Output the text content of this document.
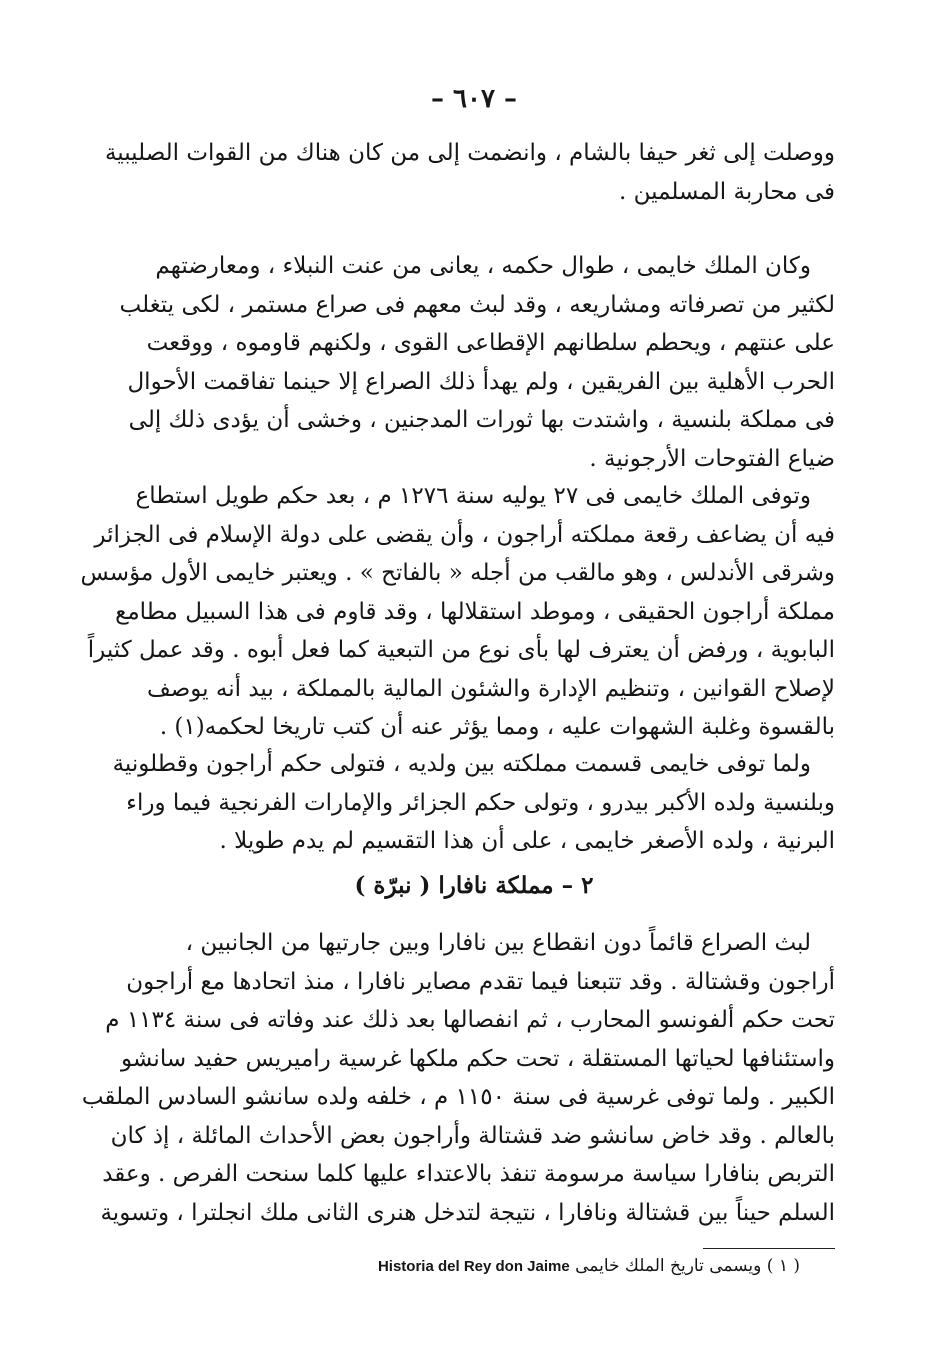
– ٦٠٧ –
ووصلت إلى ثغر حيفا بالشام ، وانضمت إلى من كان هناك من القوات الصليبية
فى محاربة المسلمين .
وكان الملك خايمى ، طوال حكمه ، يعانى من عنت النبلاء ، ومعارضتهم
لكثير من تصرفاته ومشاريعه ، وقد لبث معهم فى صراع مستمر ، لكى يتغلب
على عنتهم ، ويحطم سلطانهم الإقطاعى القوى ، ولكنهم قاوموه ، ووقعت
الحرب الأهلية بين الفريقين ، ولم يهدأ ذلك الصراع إلا حينما تفاقمت الأحوال
فى مملكة بلنسية ، واشتدت بها ثورات المدجنين ، وخشى أن يؤدى ذلك إلى
ضياع الفتوحات الأرجونية .
وتوفى الملك خايمى فى ٢٧ يوليه سنة ١٢٧٦ م ، بعد حكم طويل استطاع
فيه أن يضاعف رقعة مملكته أراجون ، وأن يقضى على دولة الإسلام فى الجزائر
وشرقى الأندلس ، وهو مالقب من أجله « بالفاتح » . ويعتبر خايمى الأول مؤسس
مملكة أراجون الحقيقى ، وموطد استقلالها ، وقد قاوم فى هذا السبيل مطامع
البابوية ، ورفض أن يعترف لها بأى نوع من التبعية كما فعل أبوه . وقد عمل كثيراً
لإصلاح القوانين ، وتنظيم الإدارة والشئون المالية بالمملكة ، بيد أنه يوصف
بالقسوة وغلبة الشهوات عليه ، ومما يؤثر عنه أن كتب تاريخا لحكمه(١) .
ولما توفى خايمى قسمت مملكته بين ولديه ، فتولى حكم أراجون وقطلونية
وبلنسية ولده الأكبر بيدرو ، وتولى حكم الجزائر والإمارات الفرنجية فيما وراء
البرنية ، ولده الأصغر خايمى ، على أن هذا التقسيم لم يدم طويلا .
٢ – مملكة نافارا ( نبرّة )
لبث الصراع قائماً دون انقطاع بين نافارا وبين جارتيها من الجانبين ،
أراجون وقشتالة . وقد تتبعنا فيما تقدم مصاير نافارا ، منذ اتحادها مع أراجون
تحت حكم ألفونسو المحارب ، ثم انفصالها بعد ذلك عند وفاته فى سنة ١١٣٤ م
واستئنافها لحياتها المستقلة ، تحت حكم ملكها غرسية راميريس حفيد سانشو
الكبير . ولما توفى غرسية فى سنة ١١٥٠ م ، خلفه ولده سانشو السادس الملقب
بالعالم . وقد خاض سانشو ضد قشتالة وأراجون بعض الأحداث المائلة ، إذ كان
التربص بنافارا سياسة مرسومة تنفذ بالاعتداء عليها كلما سنحت الفرص . وعقد
السلم حيناً بين قشتالة ونافارا ، نتيجة لتدخل هنرى الثانى ملك انجلترا ، وتسوية
( ١ ) ويسمى تاريخ الملك خايمى Historia del Rey don Jaime
